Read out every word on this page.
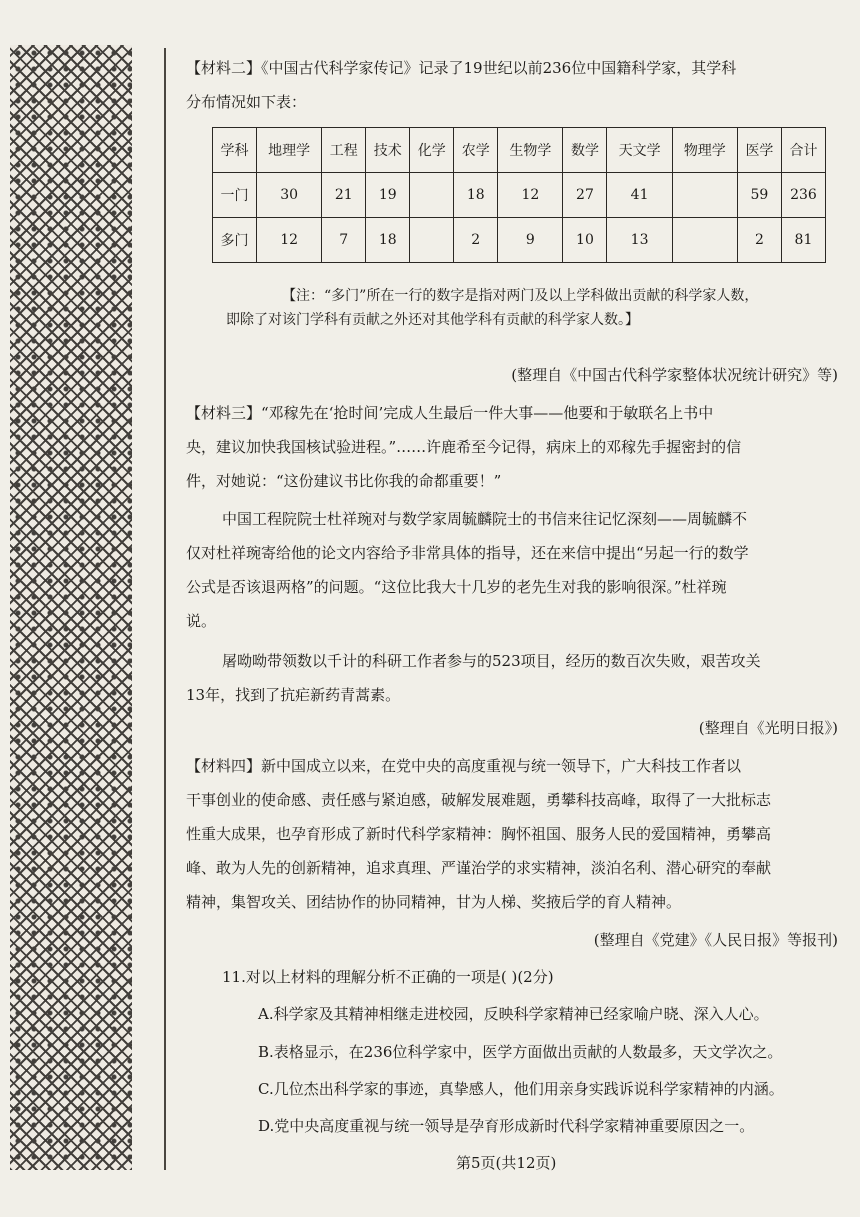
【材料二】《中国古代科学家传记》记录了19世纪以前236位中国籍科学家，其学科
分布情况如下表：
学科	地理学	工程	技术	化学	农学	生物学	数学	天文学	物理学	医学	合计
一门	30	21	19		18	12	27	41		59	236
多门	12	7	18		2	9	10	13		2	81
【注：“多门”所在一行的数字是指对两门及以上学科做出贡献的科学家人数，
即除了对该门学科有贡献之外还对其他学科有贡献的科学家人数。】
(整理自《中国古代科学家整体状况统计研究》等)
【材料三】“邓稼先在‘抢时间’完成人生最后一件大事——他要和于敏联名上书中
央，建议加快我国核试验进程。”……许鹿希至今记得，病床上的邓稼先手握密封的信
件，对她说：“这份建议书比你我的命都重要！”
中国工程院院士杜祥琬对与数学家周毓麟院士的书信来往记忆深刻——周毓麟不
仅对杜祥琬寄给他的论文内容给予非常具体的指导，还在来信中提出“另起一行的数学
公式是否该退两格”的问题。“这位比我大十几岁的老先生对我的影响很深。”杜祥琬
说。
屠呦呦带领数以千计的科研工作者参与的523项目，经历的数百次失败，艰苦攻关
13年，找到了抗疟新药青蒿素。
(整理自《光明日报》)
【材料四】新中国成立以来，在党中央的高度重视与统一领导下，广大科技工作者以
干事创业的使命感、责任感与紧迫感，破解发展难题，勇攀科技高峰，取得了一大批标志
性重大成果，也孕育形成了新时代科学家精神：胸怀祖国、服务人民的爱国精神，勇攀高
峰、敢为人先的创新精神，追求真理、严谨治学的求实精神，淡泊名利、潜心研究的奉献
精神，集智攻关、团结协作的协同精神，甘为人梯、奖掖后学的育人精神。
(整理自《党建》《人民日报》等报刊)
11.对以上材料的理解分析不正确的一项是( )(2分)
A.科学家及其精神相继走进校园，反映科学家精神已经家喻户晓、深入人心。
B.表格显示，在236位科学家中，医学方面做出贡献的人数最多，天文学次之。
C.几位杰出科学家的事迹，真挚感人，他们用亲身实践诉说科学家精神的内涵。
D.党中央高度重视与统一领导是孕育形成新时代科学家精神重要原因之一。
第5页(共12页)
